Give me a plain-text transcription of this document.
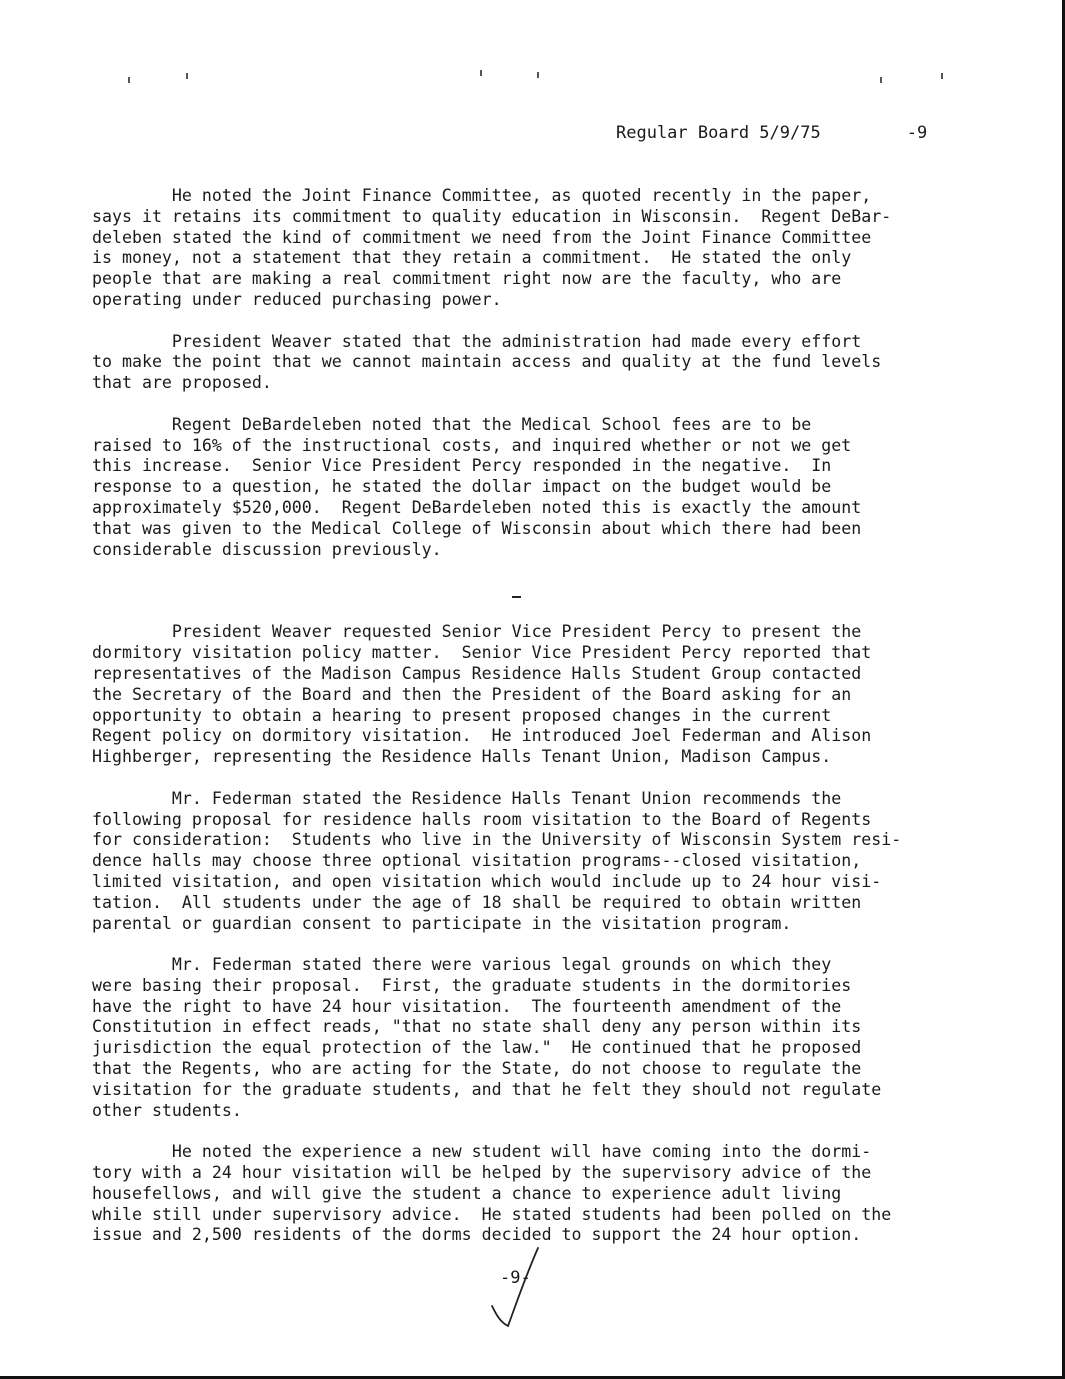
Regular Board 5/9/75	-9
He noted the Joint Finance Committee, as quoted recently in the paper,
says it retains its commitment to quality education in Wisconsin.  Regent DeBar-
deleben stated the kind of commitment we need from the Joint Finance Committee
is money, not a statement that they retain a commitment.  He stated the only
people that are making a real commitment right now are the faculty, who are
operating under reduced purchasing power.
President Weaver stated that the administration had made every effort
to make the point that we cannot maintain access and quality at the fund levels
that are proposed.
Regent DeBardeleben noted that the Medical School fees are to be
raised to 16% of the instructional costs, and inquired whether or not we get
this increase.  Senior Vice President Percy responded in the negative.  In
response to a question, he stated the dollar impact on the budget would be
approximately $520,000.  Regent DeBardeleben noted this is exactly the amount
that was given to the Medical College of Wisconsin about which there had been
considerable discussion previously.
President Weaver requested Senior Vice President Percy to present the
dormitory visitation policy matter.  Senior Vice President Percy reported that
representatives of the Madison Campus Residence Halls Student Group contacted
the Secretary of the Board and then the President of the Board asking for an
opportunity to obtain a hearing to present proposed changes in the current
Regent policy on dormitory visitation.  He introduced Joel Federman and Alison
Highberger, representing the Residence Halls Tenant Union, Madison Campus.
Mr. Federman stated the Residence Halls Tenant Union recommends the
following proposal for residence halls room visitation to the Board of Regents
for consideration:  Students who live in the University of Wisconsin System resi-
dence halls may choose three optional visitation programs--closed visitation,
limited visitation, and open visitation which would include up to 24 hour visi-
tation.  All students under the age of 18 shall be required to obtain written
parental or guardian consent to participate in the visitation program.
Mr. Federman stated there were various legal grounds on which they
were basing their proposal.  First, the graduate students in the dormitories
have the right to have 24 hour visitation.  The fourteenth amendment of the
Constitution in effect reads, "that no state shall deny any person within its
jurisdiction the equal protection of the law."  He continued that he proposed
that the Regents, who are acting for the State, do not choose to regulate the
visitation for the graduate students, and that he felt they should not regulate
other students.
He noted the experience a new student will have coming into the dormi-
tory with a 24 hour visitation will be helped by the supervisory advice of the
housefellows, and will give the student a chance to experience adult living
while still under supervisory advice.  He stated students had been polled on the
issue and 2,500 residents of the dorms decided to support the 24 hour option.
-9-
